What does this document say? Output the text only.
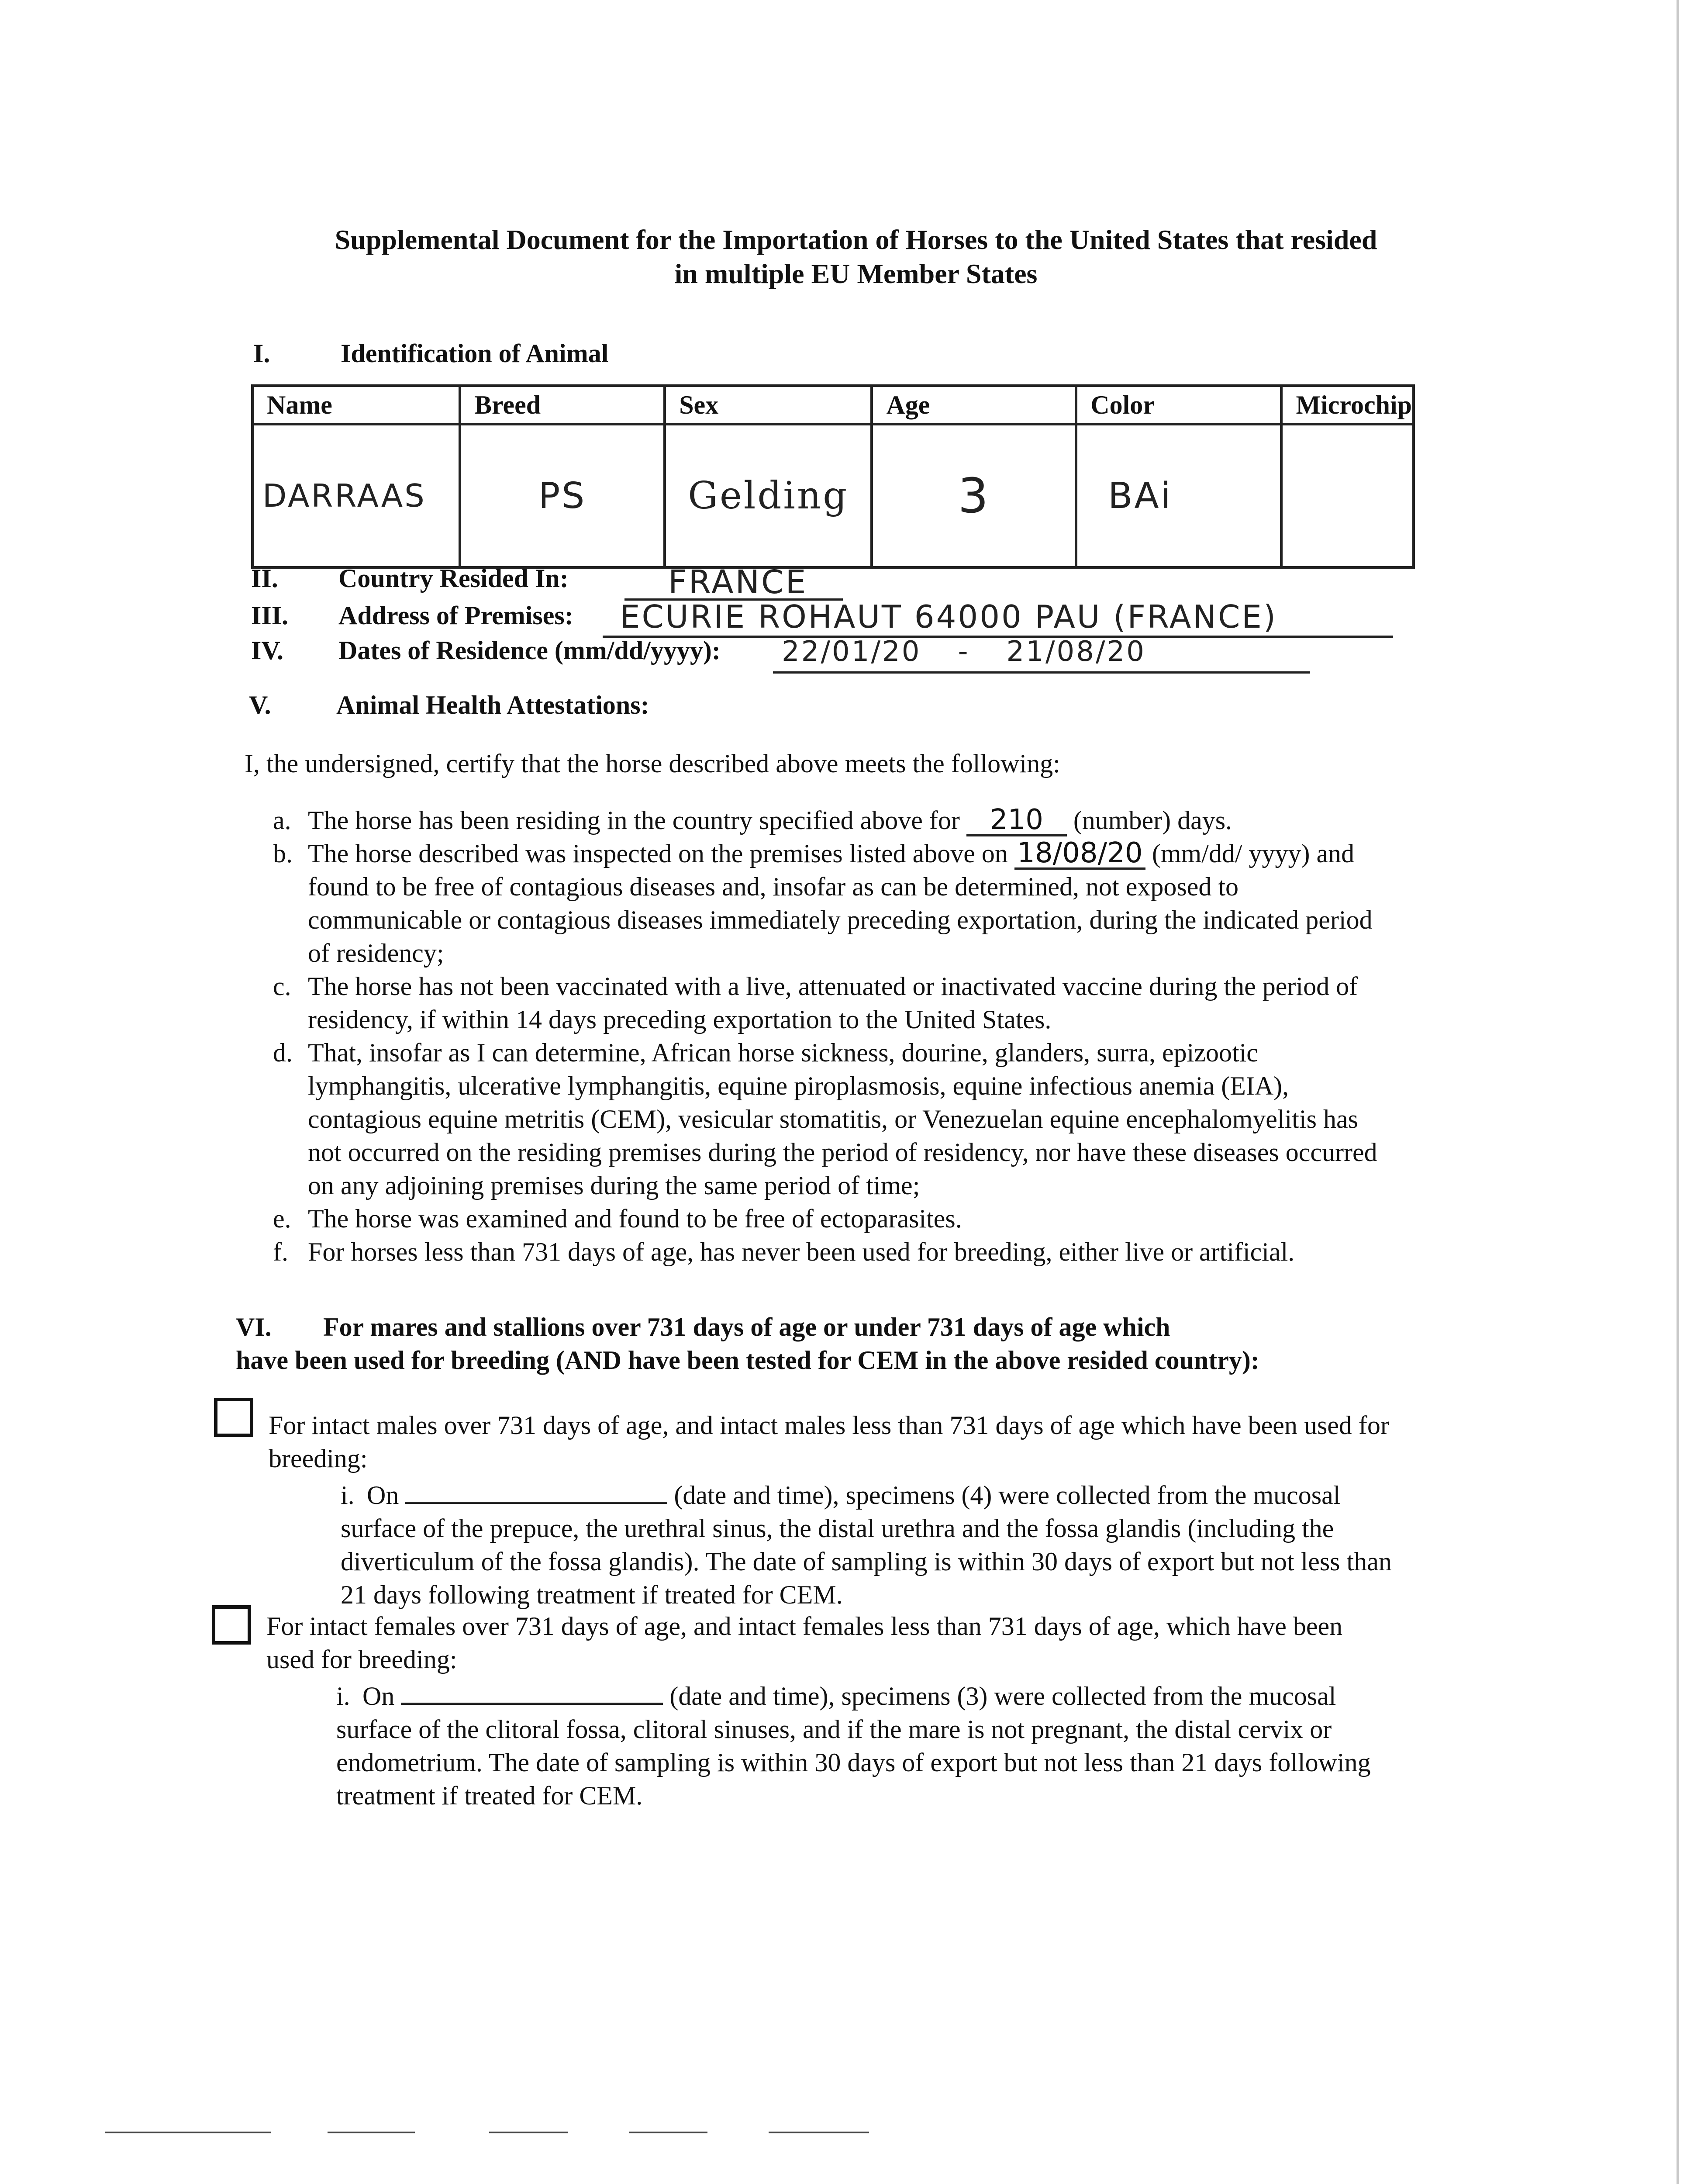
Supplemental Document for the Importation of Horses to the United States that resided in multiple EU Member States
I.	Identification of Animal
Name	Breed	Sex	Age	Color	Microchip
DARRAAS	PS	Gelding	3	BAi	
II. Country Resided In:	FRANCE
III. Address of Premises:	ECURIE ROHAUT 64000 PAU (FRANCE)
IV. Dates of Residence (mm/dd/yyyy):	22/01/20 - 21/08/20
V. Animal Health Attestations:
I, the undersigned, certify that the horse described above meets the following:
a. The horse has been residing in the country specified above for 210 (number) days.
b. The horse described was inspected on the premises listed above on 18/08/20 (mm/dd/ yyyy) and found to be free of contagious diseases and, insofar as can be determined, not exposed to communicable or contagious diseases immediately preceding exportation, during the indicated period of residency;
c. The horse has not been vaccinated with a live, attenuated or inactivated vaccine during the period of residency, if within 14 days preceding exportation to the United States.
d. That, insofar as I can determine, African horse sickness, dourine, glanders, surra, epizootic lymphangitis, ulcerative lymphangitis, equine piroplasmosis, equine infectious anemia (EIA), contagious equine metritis (CEM), vesicular stomatitis, or Venezuelan equine encephalomyelitis has not occurred on the residing premises during the period of residency, nor have these diseases occurred on any adjoining premises during the same period of time;
e. The horse was examined and found to be free of ectoparasites.
f. For horses less than 731 days of age, has never been used for breeding, either live or artificial.
VI. For mares and stallions over 731 days of age or under 731 days of age which
have been used for breeding (AND have been tested for CEM in the above resided country):
For intact males over 731 days of age, and intact males less than 731 days of age which have been used for breeding:
i. On	(date and time), specimens (4) were collected from the mucosal surface of the prepuce, the urethral sinus, the distal urethra and the fossa glandis (including the diverticulum of the fossa glandis). The date of sampling is within 30 days of export but not less than 21 days following treatment if treated for CEM.
For intact females over 731 days of age, and intact females less than 731 days of age, which have been used for breeding:
i. On	(date and time), specimens (3) were collected from the mucosal surface of the clitoral fossa, clitoral sinuses, and if the mare is not pregnant, the distal cervix or endometrium. The date of sampling is within 30 days of export but not less than 21 days following treatment if treated for CEM.
